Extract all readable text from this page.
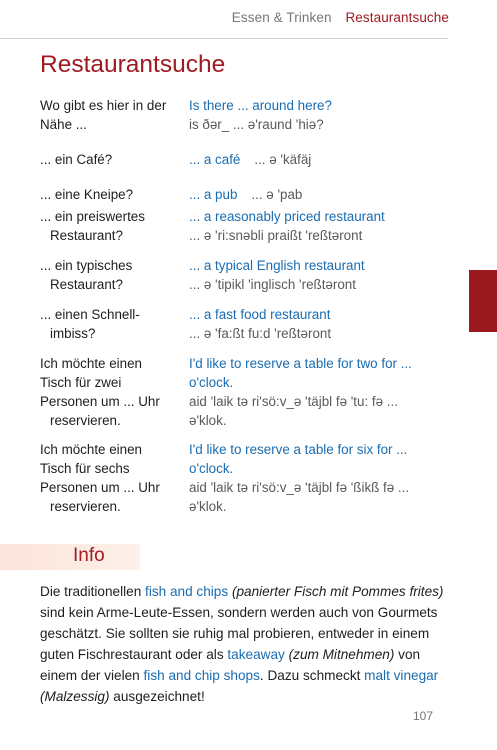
Essen & Trinken Restaurantsuche
Restaurantsuche
Wo gibt es hier in der
Nähe ...
Is there ... around here?
is ðər_ ... ə'raund 'hiə?
... ein Café?	... a café ... ə 'käfäj
... eine Kneipe?	... a pub ... ə 'pab
... ein preiswertes
Restaurant?
... a reasonably priced restaurant
... ə 'ri:snəbli praißt 'reßtəront
... ein typisches
Restaurant?
... a typical English restaurant
... ə 'tipikl 'inglisch 'reßtəront
... einen Schnell-
imbiss?
... a fast food restaurant
... ə 'fa:ßt fu:d 'reßtəront
Ich möchte einen
Tisch für zwei
Personen um ... Uhr
reservieren.
I'd like to reserve a table for two for ...
o'clock.
aid 'laik tə ri'sö:v_ə 'täjbl fə 'tu: fə ...
ə'klok.
Ich möchte einen
Tisch für sechs
Personen um ... Uhr
reservieren.
I'd like to reserve a table for six for ...
o'clock.
aid 'laik tə ri'sö:v_ə 'täjbl fə 'ßikß fə ...
ə'klok.
Info

Die traditionellen fish and chips (panierter Fisch mit Pommes frites) sind kein Arme-Leute-Essen, sondern werden auch von Gourmets geschätzt. Sie sollten sie ruhig mal probieren, entweder in einem guten Fischrestaurant oder als takeaway (zum Mitnehmen) von einem der vielen fish and chip shops. Dazu schmeckt malt vinegar (Malzessig) ausgezeichnet!

107
